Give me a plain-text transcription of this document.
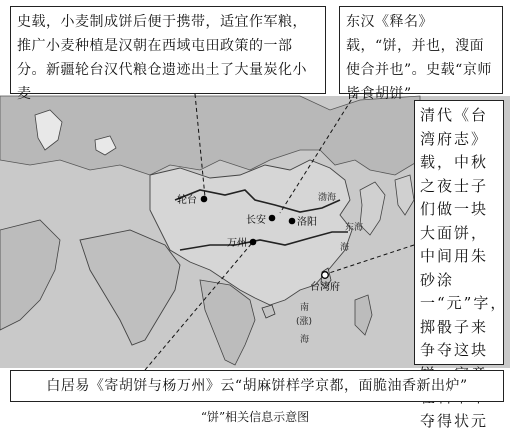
轮台
长安	洛阳
万州
台湾府
渤海
东海
海
南
(涨)
海
史载，小麦制成饼后便于携带，适宜作军粮，推广小麦种植是汉朝在西域屯田政策的一部分。新疆轮台汉代粮仓遗迹出土了大量炭化小麦
东汉《释名》载，“饼，并也，溲面使合并也”。史载“京师皆食胡饼”
清代《台湾府志》载，中秋之夜士子们做一块大面饼，中间用朱砂涂一“元”字，掷骰子来争夺这块 夺得状元
白居易《寄胡饼与杨万州》云“胡麻饼样学京都，面脆油香新出炉”
“饼”相关信息示意图
